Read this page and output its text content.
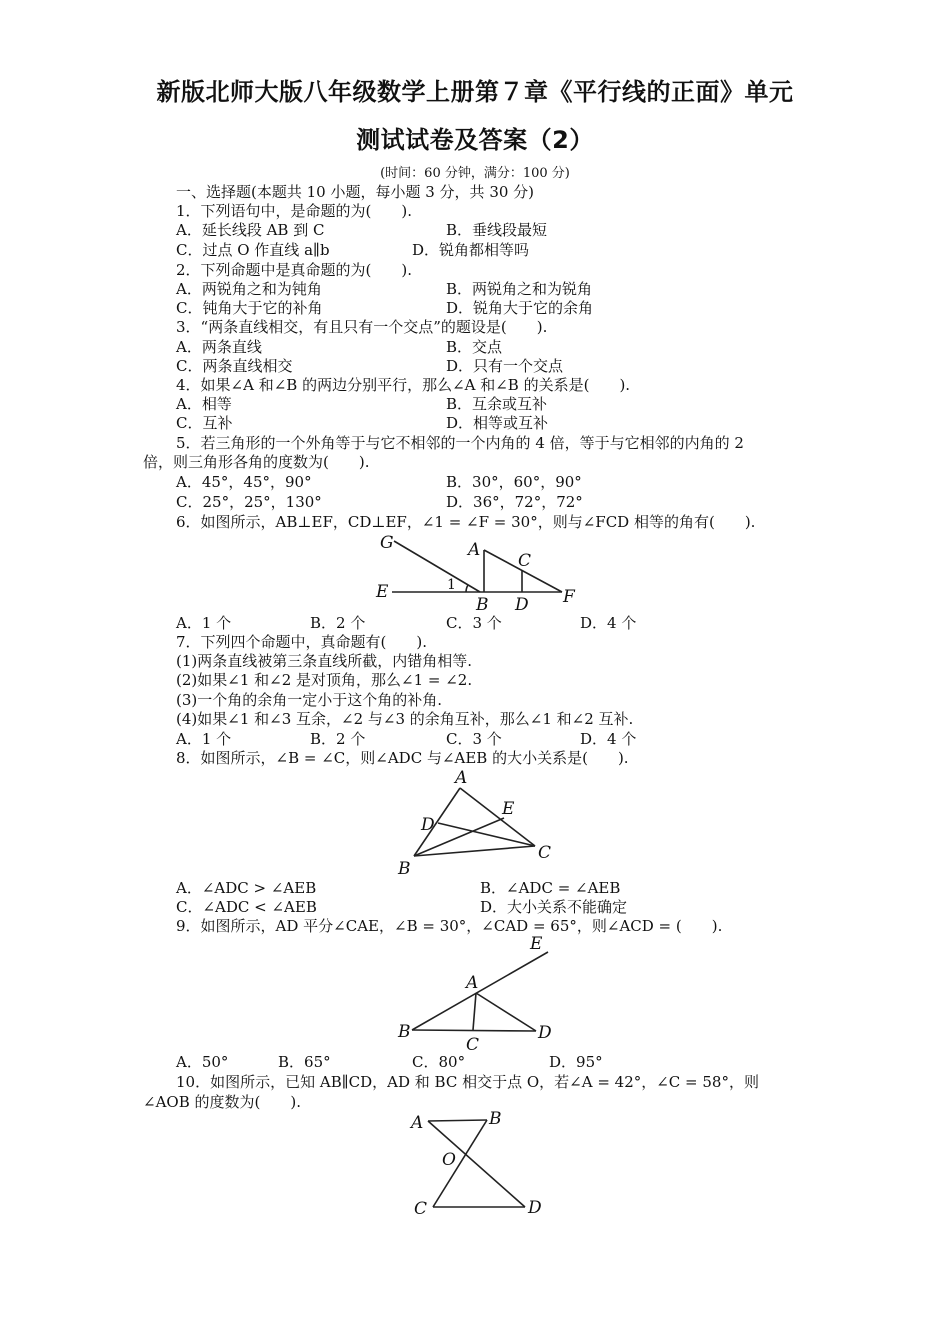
新版北师大版八年级数学上册第７章《平行线的正面》单元
测试试卷及答案（2）
(时间：60 分钟，满分：100 分)
一、选择题(本题共 10 小题，每小题 3 分，共 30 分)
1．下列语句中，是命题的为(　　).
A．延长线段 AB 到 C	B．垂线段最短
C．过点 O 作直线 a∥b	D．锐角都相等吗
2．下列命题中是真命题的为(　　).
A．两锐角之和为钝角	B．两锐角之和为锐角
C．钝角大于它的补角	D．锐角大于它的余角
3．“两条直线相交，有且只有一个交点”的题设是(　　).
A．两条直线	B．交点
C．两条直线相交	D．只有一个交点
4．如果∠A 和∠B 的两边分别平行，那么∠A 和∠B 的关系是(　　).
A．相等	B．互余或互补
C．互补	D．相等或互补
5．若三角形的一个外角等于与它不相邻的一个内角的 4 倍，等于与它相邻的内角的 2
倍，则三角形各角的度数为(　　).
A．45°，45°，90°	B．30°，60°，90°
C．25°，25°，130°	D．36°，72°，72°
6．如图所示，AB⊥EF，CD⊥EF，∠1 = ∠F = 30°，则与∠FCD 相等的角有(　　).
G	A
C
E	1
B D F
A．1 个	B．2 个	C．3 个	D．4 个
7．下列四个命题中，真命题有(　　).
(1)两条直线被第三条直线所截，内错角相等.
(2)如果∠1 和∠2 是对顶角，那么∠1 = ∠2.
(3)一个角的余角一定小于这个角的补角.
(4)如果∠1 和∠3 互余，∠2 与∠3 的余角互补，那么∠1 和∠2 互补.
A．1 个	B．2 个	C．3 个	D．4 个
8．如图所示，∠B = ∠C，则∠ADC 与∠AEB 的大小关系是(　　).
A
E
D
C
B
A．∠ADC > ∠AEB	B．∠ADC = ∠AEB
C．∠ADC < ∠AEB	D．大小关系不能确定
9．如图所示，AD 平分∠CAE，∠B = 30°，∠CAD = 65°，则∠ACD = (　　).
E
A
B	D
C
A．50°	B．65°	C．80°	D．95°
10．如图所示，已知 AB∥CD，AD 和 BC 相交于点 O，若∠A = 42°，∠C = 58°，则
∠AOB 的度数为(　　).
A	B
O
C	D
